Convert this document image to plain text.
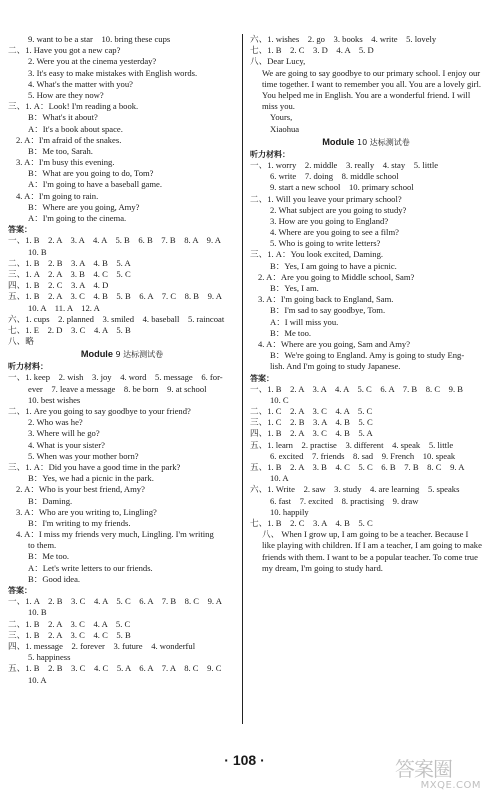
9. want to be a star    10. bring these cups
二、1. Have you got a new cap?
2. Were you at the cinema yesterday?
3. It's easy to make mistakes with English words.
4. What's the matter with you?
5. How are they now?
三、1. A：Look! I'm reading a book.
B：What's it about?
A：It's a book about space.
2. A：I'm afraid of the snakes.
B：Me too, Sarah.
3. A：I'm busy this evening.
B：What are you going to do, Tom?
A：I'm going to have a baseball game.
4. A：I'm going to rain.
B：Where are you going, Amy?
A：I'm going to the cinema.
答案：
一、1. B    2. A    3. A    4. A    5. B    6. B    7. B    8. A    9. A
10. B
二、1. B    2. B    3. A    4. B    5. A
三、1. A    2. A    3. B    4. C    5. C
四、1. B    2. C    3. A    4. D
五、1. B    2. A    3. C    4. B    5. B    6. A    7. C    8. B    9. A
10. A    11. A    12. A
六、1. cups    2. planned    3. smiled    4. baseball    5. raincoat
七、1. E    2. D    3. C    4. A    5. B
八、略
Module 9 达标测试卷
听力材料：
一、1. keep    2. wish    3. joy    4. word    5. message    6. for-
ever    7. leave a message    8. be born    9. at school
10. best wishes
二、1. Are you going to say goodbye to your friend?
2. Who was he?
3. Where will he go?
4. What is your sister?
5. When was your mother born?
三、1. A：Did you have a good time in the park?
B：Yes, we had a picnic in the park.
2. A：Who is your best friend, Amy?
B：Daming.
3. A：Who are you writing to, Lingling?
B：I'm writing to my friends.
4. A：I miss my friends very much, Lingling. I'm writing
to them.
B：Me too.
A：Let's write letters to our friends.
B：Good idea.
答案：
一、1. A    2. B    3. C    4. A    5. C    6. A    7. B    8. C    9. A
10. B
二、1. B    2. A    3. C    4. A    5. C
三、1. B    2. A    3. C    4. C    5. B
四、1. message    2. forever    3. future    4. wonderful
5. happiness
五、1. B    2. B    3. C    4. C    5. A    6. A    7. A    8. C    9. C
10. A
六、1. wishes    2. go    3. books    4. write    5. lovely
七、1. B    2. C    3. D    4. A    5. D
八、Dear Lucy,
We are going to say goodbye to our primary school. I enjoy our time together. I want to remember you all. You are a lovely girl. You helped me in English. You are a wonderful friend. I will miss you.
Yours,
Xiaohua
Module 10 达标测试卷
听力材料：
一、1. worry    2. middle    3. really    4. stay    5. little
6. write    7. doing    8. middle school
9. start a new school    10. primary school
二、1. Will you leave your primary school?
2. What subject are you going to study?
3. How are you going to England?
4. Where are you going to see a film?
5. Who is going to write letters?
三、1. A：You look excited, Daming.
B：Yes, I am going to have a picnic.
2. A：Are you going to Middle school, Sam?
B：Yes, I am.
3. A：I'm going back to England, Sam.
B：I'm sad to say goodbye, Tom.
A：I will miss you.
B：Me too.
4. A：Where are you going, Sam and Amy?
B：We're going to England. Amy is going to study Eng-
lish. And I'm going to study Japanese.
答案：
一、1. B    2. A    3. A    4. A    5. C    6. A    7. B    8. C    9. B
10. C
二、1. C    2. A    3. C    4. A    5. C
三、1. C    2. B    3. A    4. B    5. C
四、1. B    2. A    3. C    4. B    5. A
五、1. learn    2. practise    3. different    4. speak    5. little
6. excited    7. friends    8. sad    9. French    10. speak
五、1. B    2. A    3. B    4. C    5. C    6. B    7. B    8. C    9. A
10. A
六、1. Write    2. saw    3. study    4. are learning    5. speaks
6. fast    7. excited    8. practising    9. draw
10. happily
七、1. B    2. C    3. A    4. B    5. C
八、 When I grow up, I am going to be a teacher. Because I like playing with children. If I am a teacher, I am going to make friends with them. I want to be a popular teacher. To come true my dream, I'm going to study hard.
· 108 ·	答案圈
MXQE.COM
